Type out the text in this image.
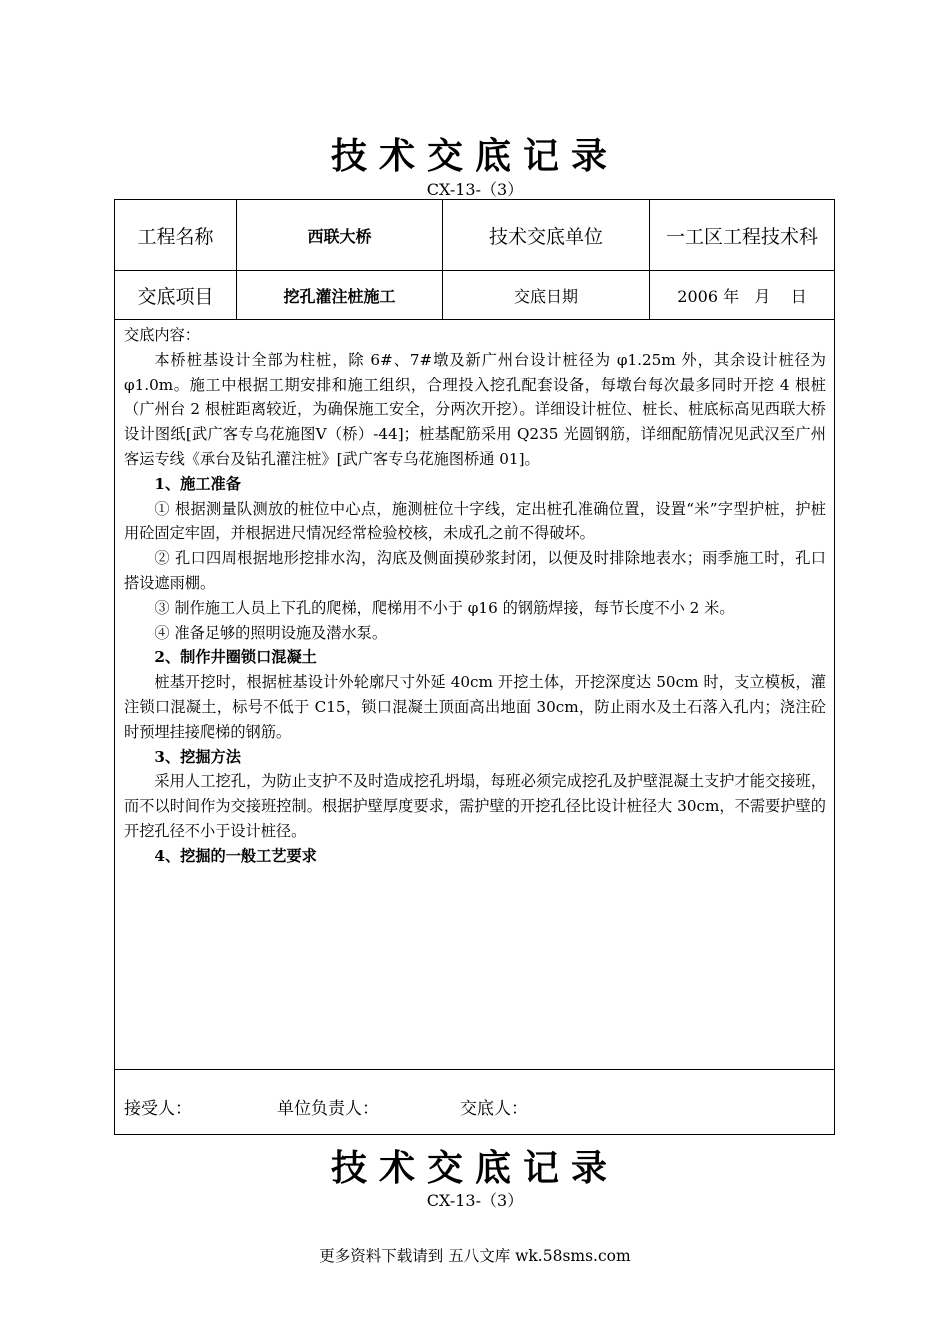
技术交底记录
CX-13-（3）
工程名称	西联大桥	技术交底单位	一工区工程技术科
交底项目	挖孔灌注桩施工	交底日期	2006 年   月    日

交底内容：

本桥桩基设计全部为柱桩，除 6#、7#墩及新广州台设计桩径为 φ1.25m 外，其余设计桩径为 φ1.0m。施工中根据工期安排和施工组织，合理投入挖孔配套设备，每墩台每次最多同时开挖 4 根桩（广州台 2 根桩距离较近，为确保施工安全，分两次开挖）。详细设计桩位、桩长、桩底标高见西联大桥设计图纸[武广客专乌花施图Ⅴ（桥）-44]；桩基配筋采用 Q235 光圆钢筋，详细配筋情况见武汉至广州客运专线《承台及钻孔灌注桩》[武广客专乌花施图桥通 01]。

1、施工准备

① 根据测量队测放的桩位中心点，施测桩位十字线，定出桩孔准确位置，设置“米”字型护桩，护桩用砼固定牢固，并根据进尺情况经常检验校核，未成孔之前不得破坏。

② 孔口四周根据地形挖排水沟，沟底及侧面摸砂浆封闭，以便及时排除地表水；雨季施工时，孔口搭设遮雨棚。

③ 制作施工人员上下孔的爬梯，爬梯用不小于 φ16 的钢筋焊接，每节长度不小 2 米。

④ 准备足够的照明设施及潜水泵。

2、制作井圈锁口混凝土

桩基开挖时，根据桩基设计外轮廓尺寸外延 40cm 开挖土体，开挖深度达 50cm 时，支立模板，灌注锁口混凝土，标号不低于 C15，锁口混凝土顶面高出地面 30cm，防止雨水及土石落入孔内；浇注砼时预埋挂接爬梯的钢筋。

3、挖掘方法

采用人工挖孔，为防止支护不及时造成挖孔坍塌，每班必须完成挖孔及护壁混凝土支护才能交接班，而不以时间作为交接班控制。根据护壁厚度要求，需护壁的开挖孔径比设计桩径大 30cm，不需要护壁的开挖孔径不小于设计桩径。

4、挖掘的一般工艺要求

接受人：	单位负责人：	交底人：
技术交底记录
CX-13-（3）
更多资料下载请到 五八文库 wk.58sms.com
